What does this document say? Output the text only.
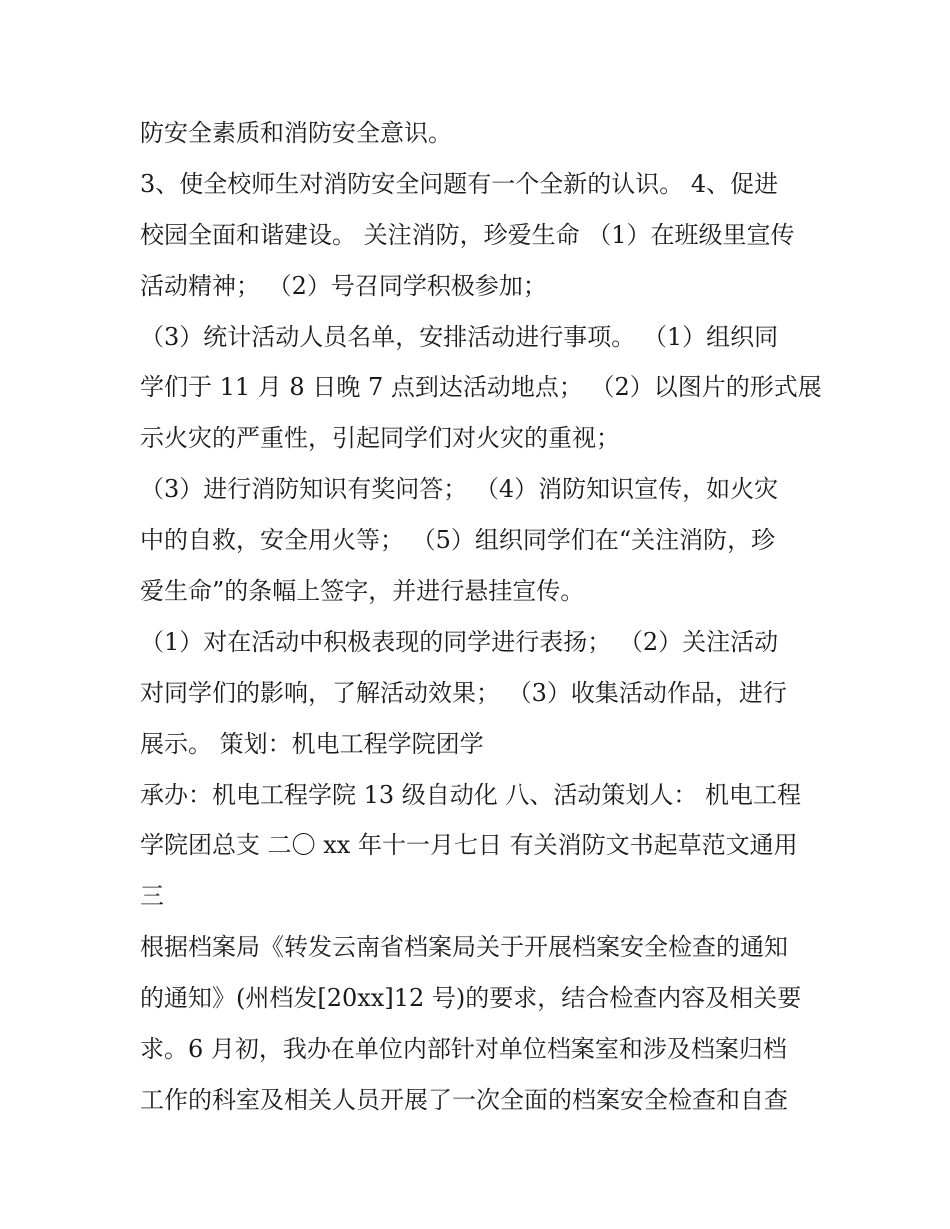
防安全素质和消防安全意识。
3、使全校师生对消防安全问题有一个全新的认识。 4、促进
校园全面和谐建设。 关注消防，珍爱生命 （1）在班级里宣传
活动精神； （2）号召同学积极参加；
（3）统计活动人员名单，安排活动进行事项。 （1）组织同
学们于 11 月 8 日晚 7 点到达活动地点； （2）以图片的形式展
示火灾的严重性，引起同学们对火灾的重视；
（3）进行消防知识有奖问答； （4）消防知识宣传，如火灾
中的自救，安全用火等； （5）组织同学们在“关注消防，珍
爱生命”的条幅上签字，并进行悬挂宣传。
（1）对在活动中积极表现的同学进行表扬； （2）关注活动
对同学们的影响，了解活动效果； （3）收集活动作品，进行
展示。 策划：机电工程学院团学
承办：机电工程学院 13 级自动化 八、活动策划人： 机电工程
学院团总支 二〇 xx 年十一月七日 有关消防文书起草范文通用
三
根据档案局《转发云南省档案局关于开展档案安全检查的通知
的通知》(州档发[20xx]12 号)的要求，结合检查内容及相关要
求。6 月初，我办在单位内部针对单位档案室和涉及档案归档
工作的科室及相关人员开展了一次全面的档案安全检查和自查
